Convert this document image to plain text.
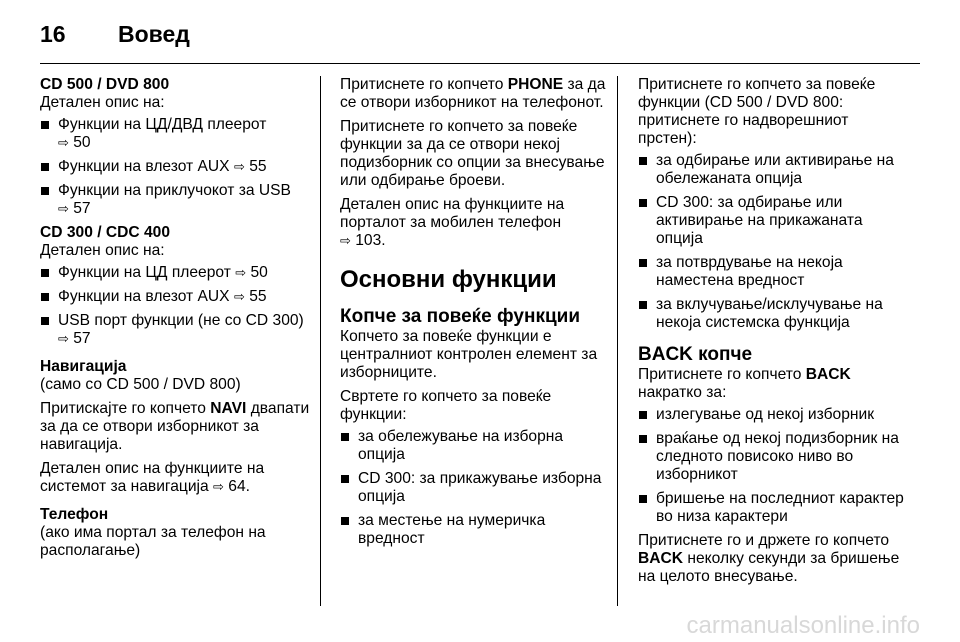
16	Вовед
CD 500 / DVD 800
Детален опис на:
Функции на ЦД/ДВД плеерот
⇨ 50
Функции на влезот AUX ⇨ 55
Функции на приклучокот за USB
⇨ 57
CD 300 / CDC 400
Детален опис на:
Функции на ЦД плеерот ⇨ 50
Функции на влезот AUX ⇨ 55
USB порт функции (не со CD 300)
⇨ 57
Навигација
(само со CD 500 / DVD 800)
Притискајте го копчето NAVI двапати за да се отвори изборникот за навигација.
Детален опис на функциите на системот за навигација ⇨ 64.
Телефон
(ако има портал за телефон на располагање)
Притиснете го копчето PHONE за да се отвори изборникот на телефонот.
Притиснете го копчето за повеќе функции за да се отвори некој подизборник со опции за внесување или одбирање броеви.
Детален опис на функциите на порталот за мобилен телефон
⇨ 103.
Основни функции
Копче за повеќе функции
Копчето за повеќе функции е централниот контролен елемент за изборниците.
Свртете го копчето за повеќе функции:
за обележување на изборна опција
CD 300: за прикажување изборна опција
за местење на нумеричка вредност
Притиснете го копчето за повеќе функции (CD 500 / DVD 800: притиснете го надворешниот прстен):
за одбирање или активирање на обележаната опција
CD 300: за одбирање или активирање на прикажаната опција
за потврдување на некоја наместена вредност
за вклучување/исклучување на некоја системска функција
BACK копче
Притиснете го копчето BACK накратко за:
излегување од некој изборник
враќање од некој подизборник на следното повисоко ниво во изборникот
бришење на последниот карактер во низа карактери
Притиснете го и држете го копчето BACK неколку секунди за бришење на целото внесување.
carmanualsonline.info
